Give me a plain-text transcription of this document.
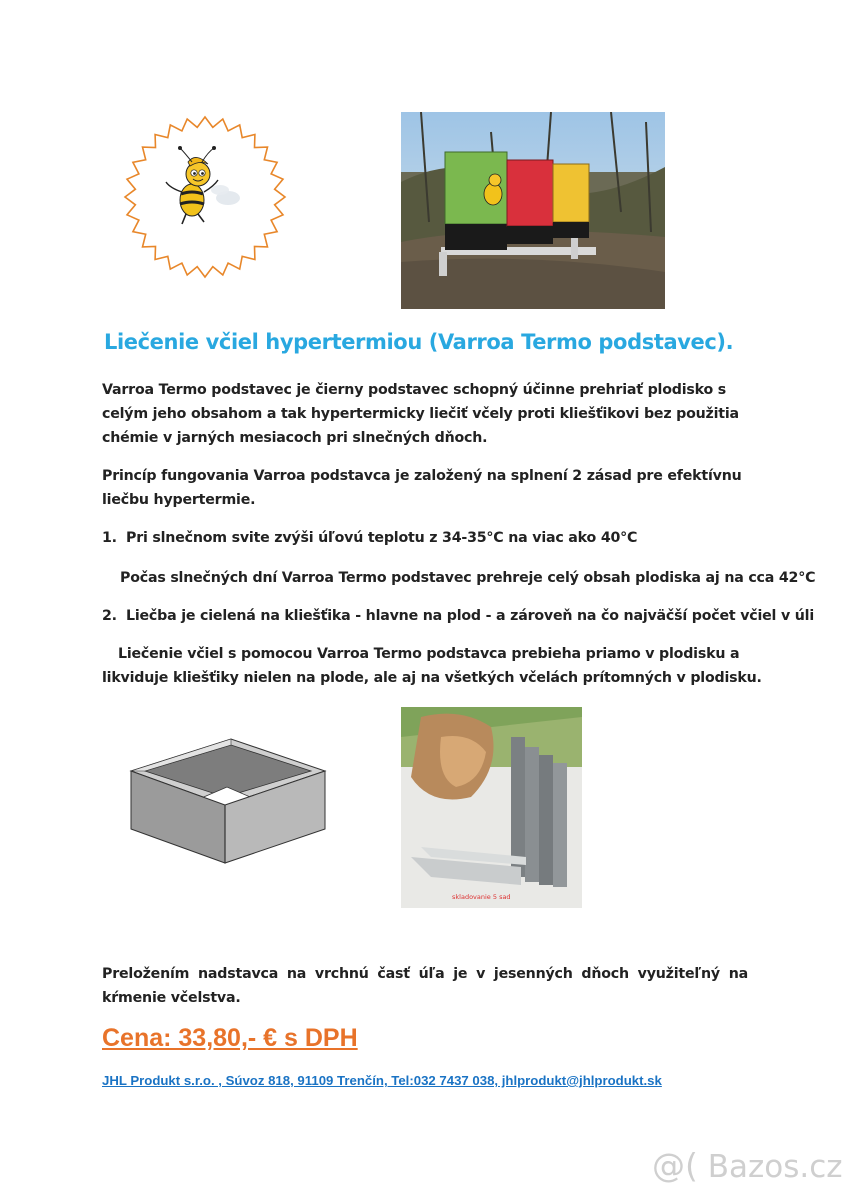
Liečenie včiel hypertermiou (Varroa Termo podstavec).

Varroa Termo podstavec je čierny podstavec schopný účinne prehriať plodisko s celým jeho obsahom a tak hypertermicky liečiť včely proti kliešťikovi bez použitia chémie v jarných mesiacoch pri slnečných dňoch.

Princíp fungovania Varroa podstavca je založený na splnení 2 zásad pre efektívnu liečbu hypertermie.

1. Pri slnečnom svite zvýši úľovú teplotu z 34-35°C na viac ako 40°C
Počas slnečných dní Varroa Termo podstavec prehreje celý obsah plodiska aj na cca 42°C
2. Liečba je cielená na kliešťika - hlavne na plod - a zároveň na čo najväčší počet včiel v úli

Liečenie včiel s pomocou Varroa Termo podstavca prebieha priamo v plodisku a likviduje kliešťiky nielen na plode, ale aj na všetkých včelách prítomných v plodisku.

skladovanie 5 sad

Preložením nadstavca na vrchnú časť úľa je v jesenných dňoch využiteľný na kŕmenie včelstva.

Cena: 33,80,- € s DPH
JHL Produkt s.r.o. , Súvoz 818, 91109 Trenčín, Tel:032 7437 038, jhlprodukt@jhlprodukt.sk
@( Bazos.cz
